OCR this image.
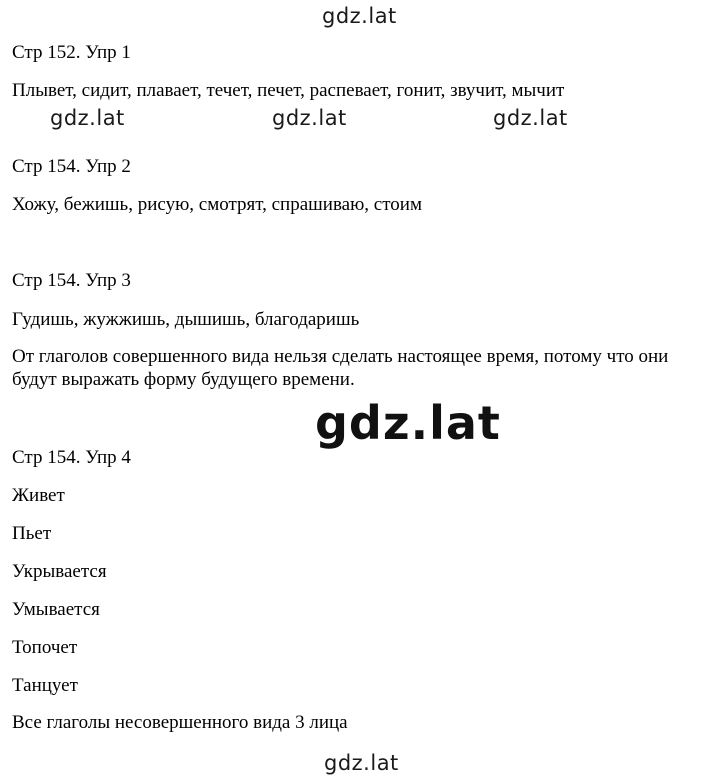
gdz.lat
gdz.lat	gdz.lat	gdz.lat
gdz.lat
gdz.lat
Стр 152. Упр 1
Плывет, сидит, плавает, течет, печет, распевает, гонит, звучит, мычит
Стр 154. Упр 2
Хожу, бежишь, рисую, смотрят, спрашиваю, стоим
Стр 154. Упр 3
Гудишь, жужжишь, дышишь, благодаришь
От глаголов совершенного вида нельзя сделать настоящее время, потому что они будут выражать форму будущего времени.
Стр 154. Упр 4
Живет
Пьет
Укрывается
Умывается
Топочет
Танцует
Все глаголы несовершенного вида 3 лица
